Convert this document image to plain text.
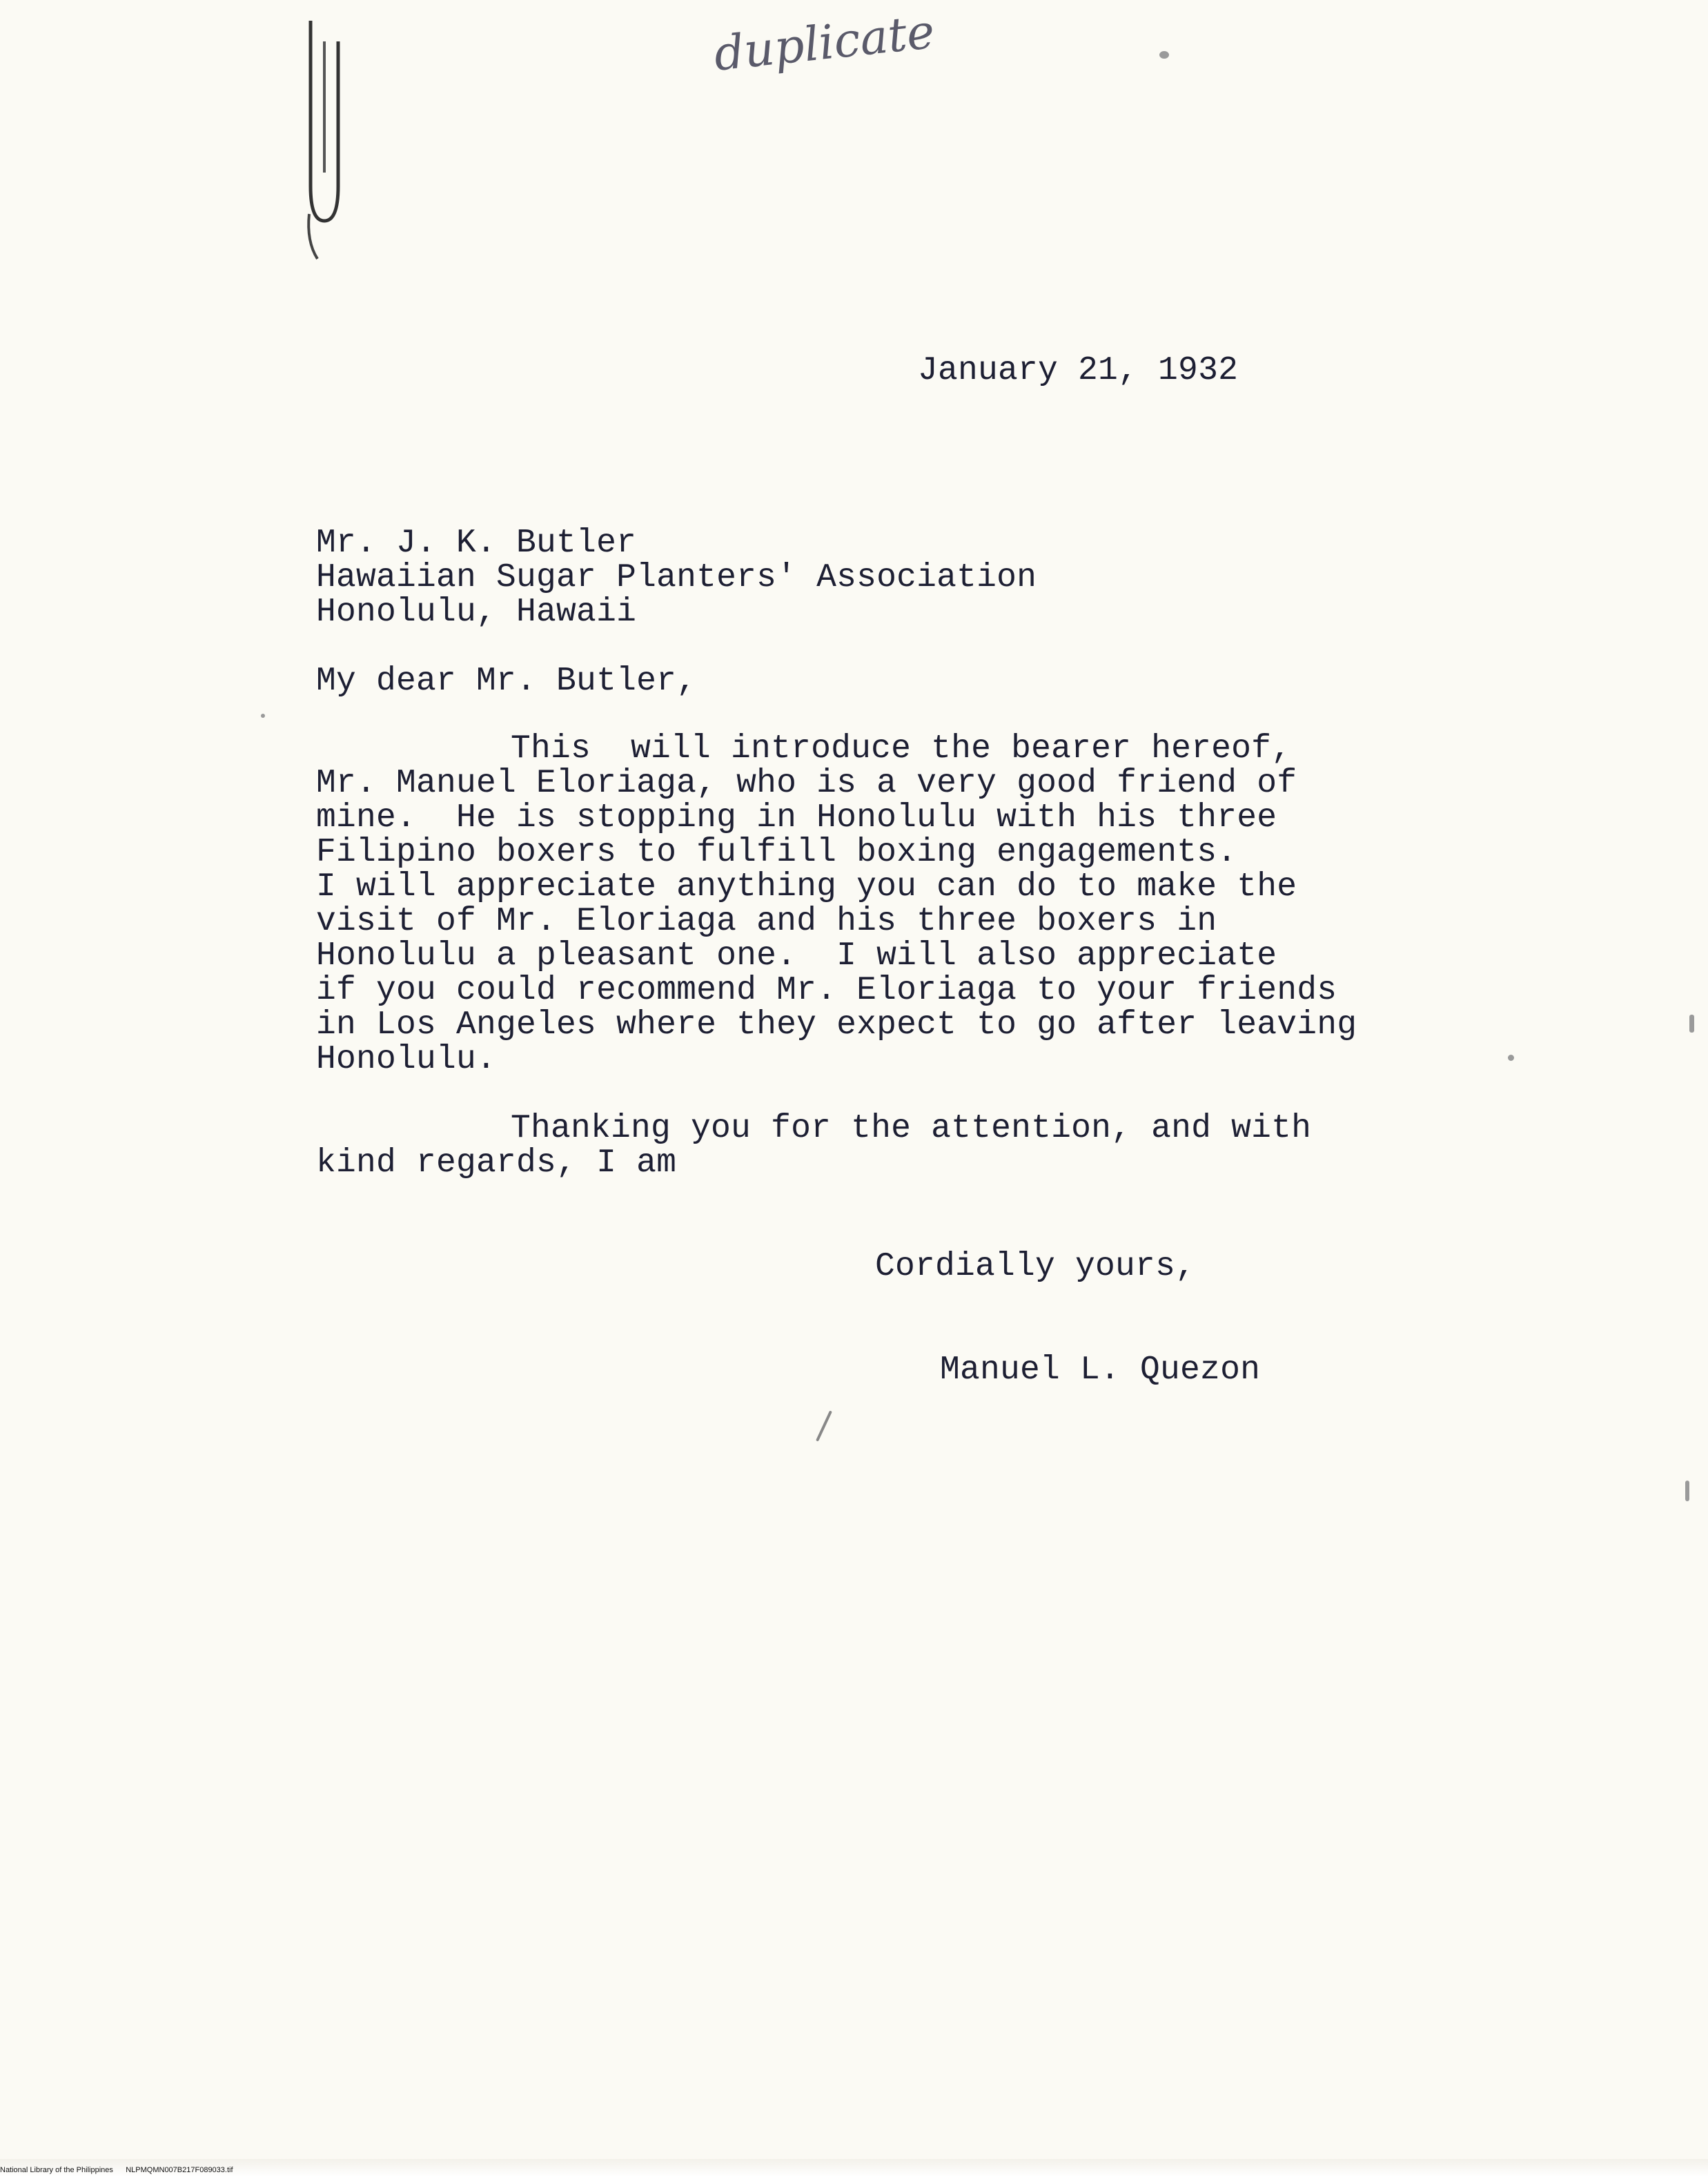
duplicate
January 21, 1932
Mr. J. K. Butler
Hawaiian Sugar Planters' Association
Honolulu, Hawaii
My dear Mr. Butler,
This  will introduce the bearer hereof,
Mr. Manuel Eloriaga, who is a very good friend of
mine.  He is stopping in Honolulu with his three
Filipino boxers to fulfill boxing engagements.
I will appreciate anything you can do to make the
visit of Mr. Eloriaga and his three boxers in
Honolulu a pleasant one.  I will also appreciate
if you could recommend Mr. Eloriaga to your friends
in Los Angeles where they expect to go after leaving
Honolulu.
Thanking you for the attention, and with
kind regards, I am
Cordially yours,
Manuel L. Quezon
National Library of the Philippines NLPMQMN007B217F089033.tif
